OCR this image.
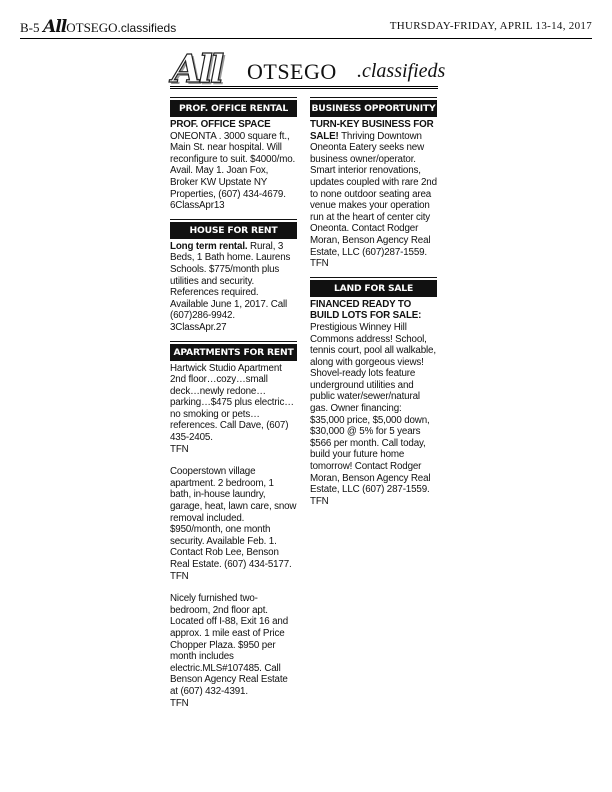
B-5 AllOTSEGO.classifieds	THURSDAY-FRIDAY, APRIL 13-14, 2017
All OTSEGO .classifieds
PROF. OFFICE RENTAL

PROF. OFFICE SPACE
ONEONTA . 3000 square ft., Main St. near hospital. Will reconfigure to suit. $4000/mo. Avail. May 1. Joan Fox, Broker KW Upstate NY Properties, (607) 434-4679.
6ClassApr13

HOUSE FOR RENT

Long term rental. Rural, 3 Beds, 1 Bath home. Laurens Schools. $775/month plus utilities and security. References required. Available June 1, 2017. Call (607)286-9942.
3ClassApr.27

APARTMENTS FOR RENT

Hartwick Studio Apartment 2nd floor…cozy…small deck…newly redone…parking…$475 plus electric…no smoking or pets…references. Call Dave, (607) 435-2405.
TFN

Cooperstown village apartment. 2 bedroom, 1 bath, in-house laundry, garage, heat, lawn care, snow removal included. $950/month, one month security. Available Feb. 1. Contact Rob Lee, Benson Real Estate. (607) 434-5177.
TFN

Nicely furnished two-bedroom, 2nd floor apt. Located off I-88, Exit 16 and approx. 1 mile east of Price Chopper Plaza. $950 per month includes electric.MLS#107485. Call Benson Agency Real Estate at (607) 432-4391.
TFN

BUSINESS OPPORTUNITY

TURN-KEY BUSINESS FOR SALE! Thriving Downtown Oneonta Eatery seeks new business owner/operator. Smart interior renovations, updates coupled with rare 2nd to none outdoor seating area venue makes your operation run at the heart of center city Oneonta. Contact Rodger Moran, Benson Agency Real Estate, LLC (607)287-1559.
TFN

LAND FOR SALE

FINANCED READY TO BUILD LOTS FOR SALE: Prestigious Winney Hill Commons address! School, tennis court, pool all walkable, along with gorgeous views! Shovel-ready lots feature underground utilities and public water/sewer/natural gas. Owner financing: $35,000 price, $5,000 down, $30,000 @ 5% for 5 years $566 per month. Call today, build your future home tomorrow! Contact Rodger Moran, Benson Agency Real Estate, LLC (607) 287-1559.
TFN
